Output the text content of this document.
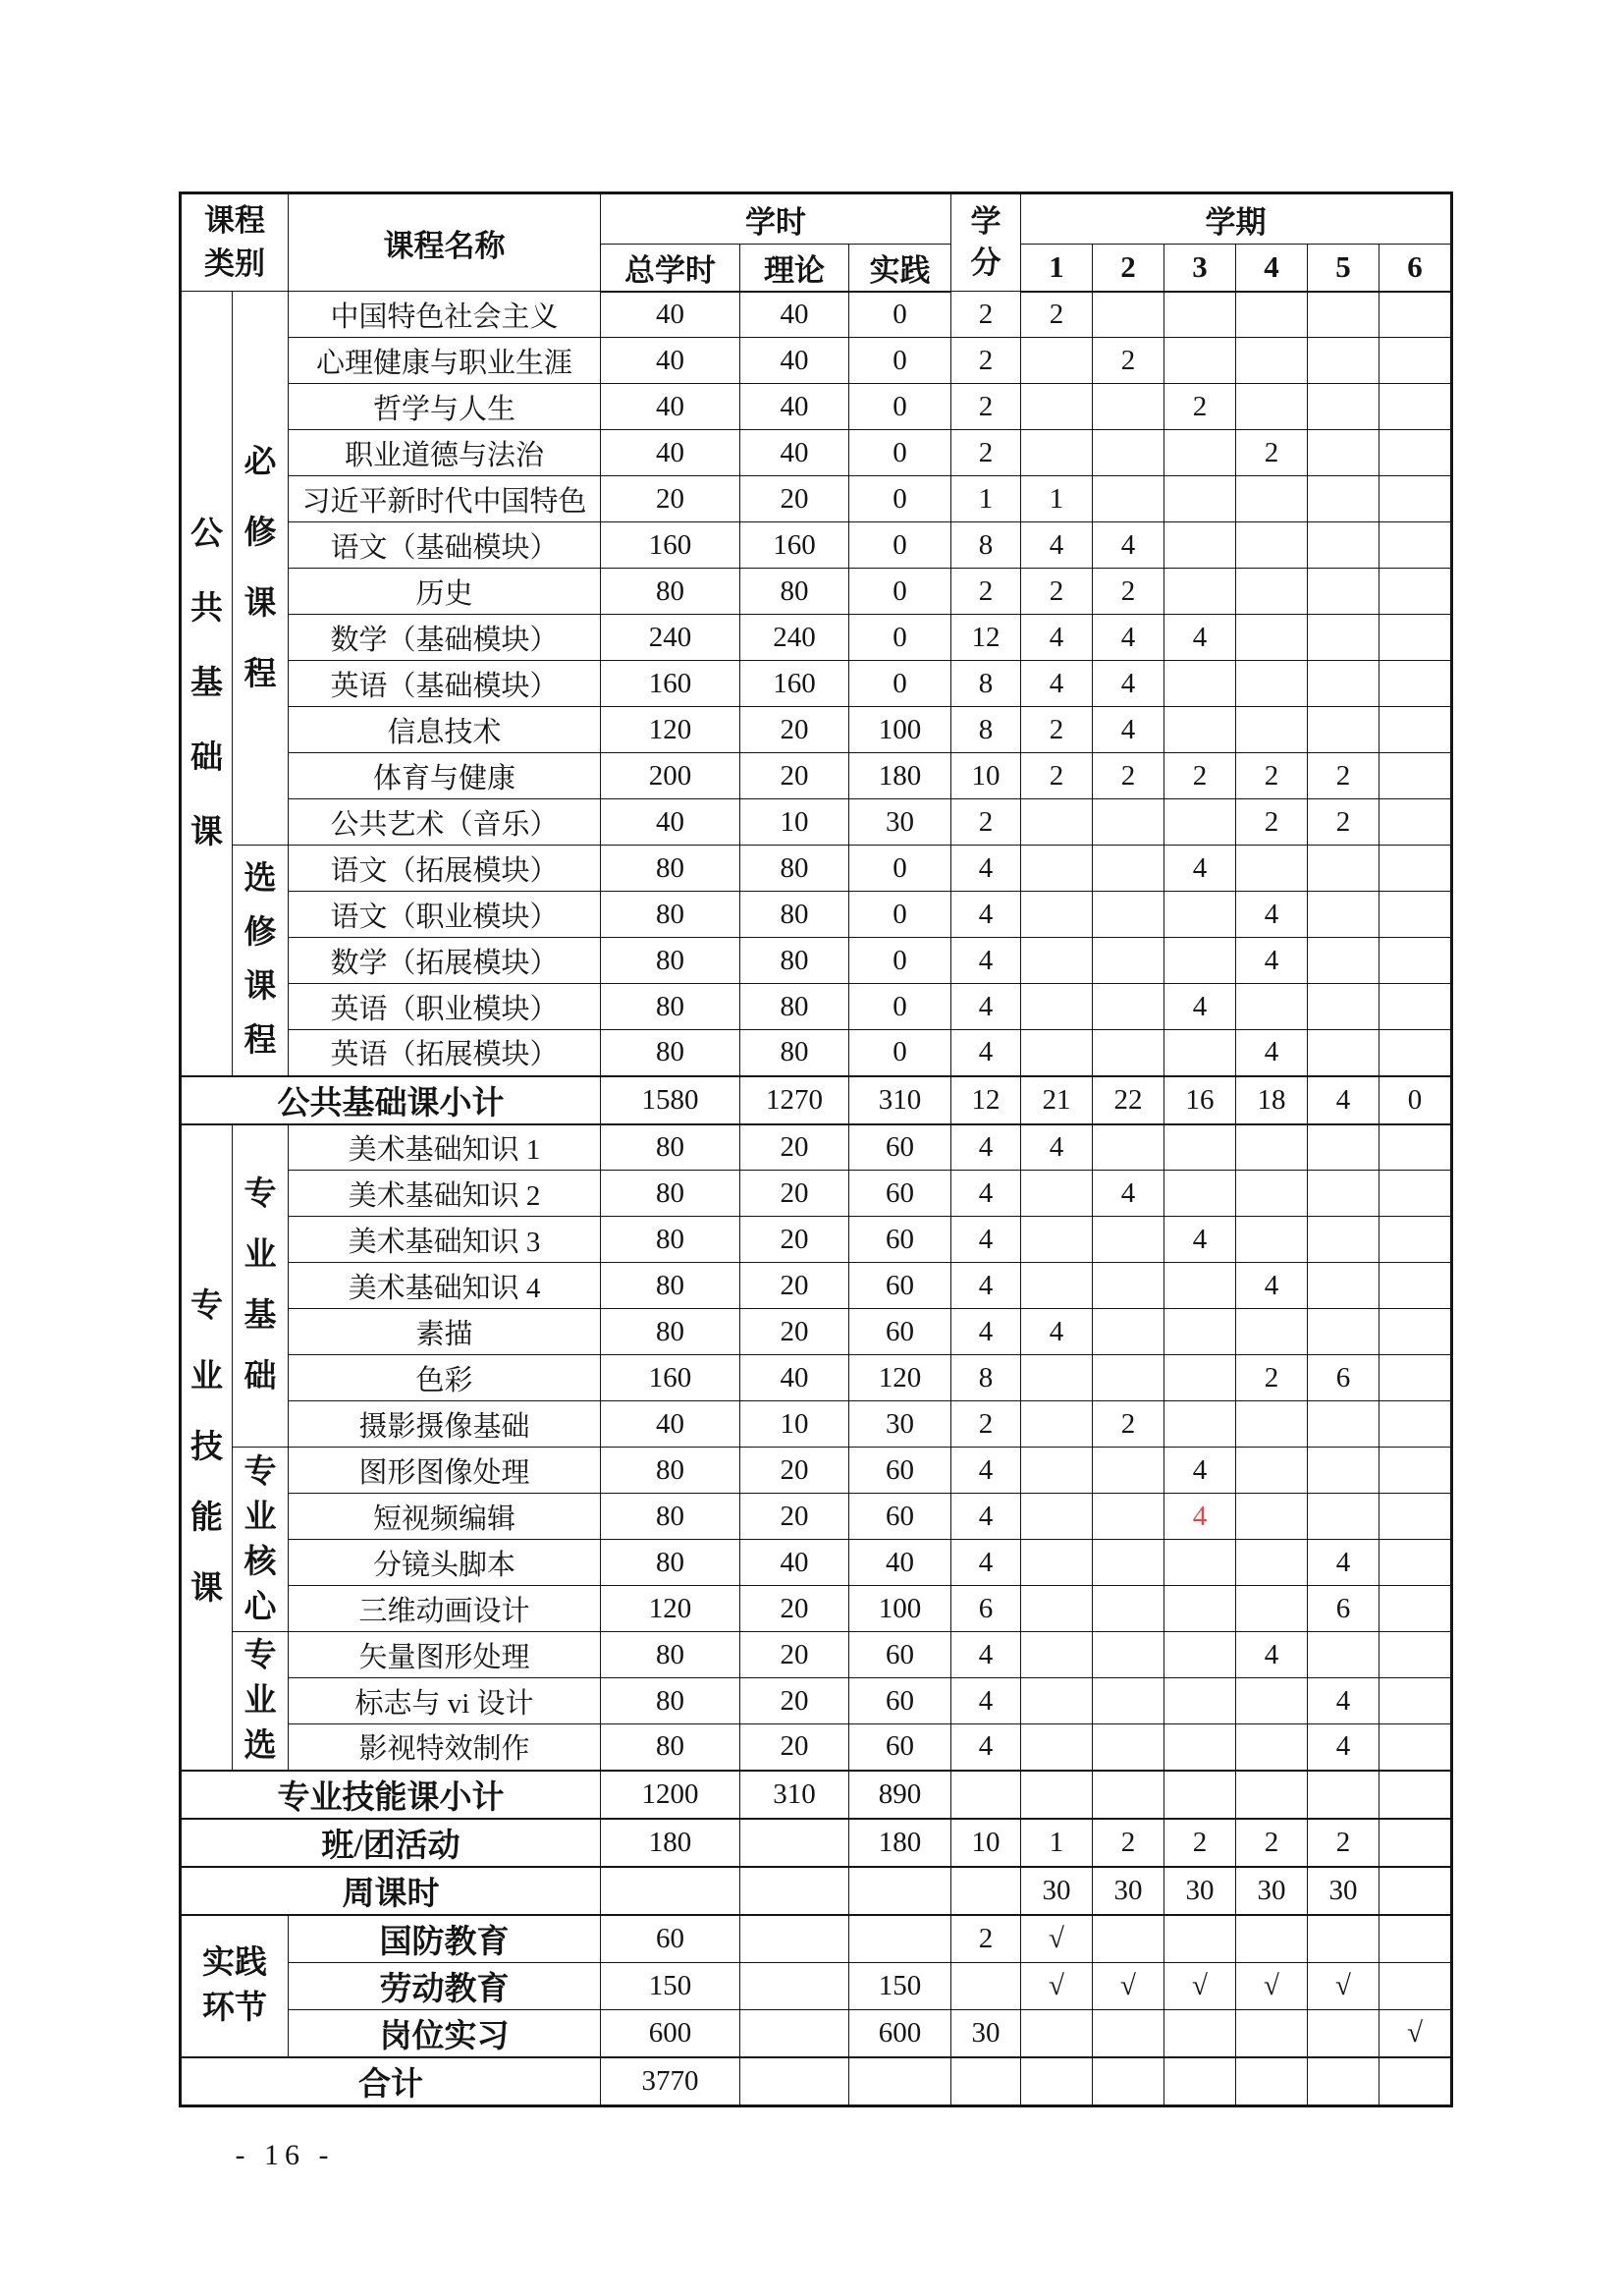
课程类别		课程名称	学时			学分	学期					
			总学时	理论	实践		1	2	3	4	5	6
公共基础课	必修课程	中国特色社会主义	40	40	0	2	2					
		心理健康与职业生涯	40	40	0	2		2				
		哲学与人生	40	40	0	2			2			
		职业道德与法治	40	40	0	2				2		
		习近平新时代中国特色	20	20	0	1	1					
		语文（基础模块）	160	160	0	8	4	4				
		历史	80	80	0	2	2	2				
		数学（基础模块）	240	240	0	12	4	4	4			
		英语（基础模块）	160	160	0	8	4	4				
		信息技术	120	20	100	8	2	4				
		体育与健康	200	20	180	10	2	2	2	2	2	
		公共艺术（音乐）	40	10	30	2				2	2	
	选修课程	语文（拓展模块）	80	80	0	4			4			
		语文（职业模块）	80	80	0	4				4		
		数学（拓展模块）	80	80	0	4				4		
		英语（职业模块）	80	80	0	4			4			
		英语（拓展模块）	80	80	0	4				4		
公共基础课小计			1580	1270	310	12	21	22	16	18	4	0
专业技能课	专业基础	美术基础知识 1	80	20	60	4	4					
		美术基础知识 2	80	20	60	4		4				
		美术基础知识 3	80	20	60	4			4			
		美术基础知识 4	80	20	60	4				4		
		素描	80	20	60	4	4					
		色彩	160	40	120	8				2	6	
		摄影摄像基础	40	10	30	2		2				
	专业核心	图形图像处理	80	20	60	4			4			
		短视频编辑	80	20	60	4			4			
		分镜头脚本	80	40	40	4					4	
		三维动画设计	120	20	100	6					6	
	专业选	矢量图形处理	80	20	60	4				4		
		标志与 vi 设计	80	20	60	4					4	
		影视特效制作	80	20	60	4					4	
专业技能课小计			1200	310	890							
班/团活动			180		180	10	1	2	2	2	2	
周课时							30	30	30	30	30	
实践环节		国防教育	60			2	√					
		劳动教育	150		150		√	√	√	√	√	
		岗位实习	600		600	30						√
合计			3770									
- 16 -
